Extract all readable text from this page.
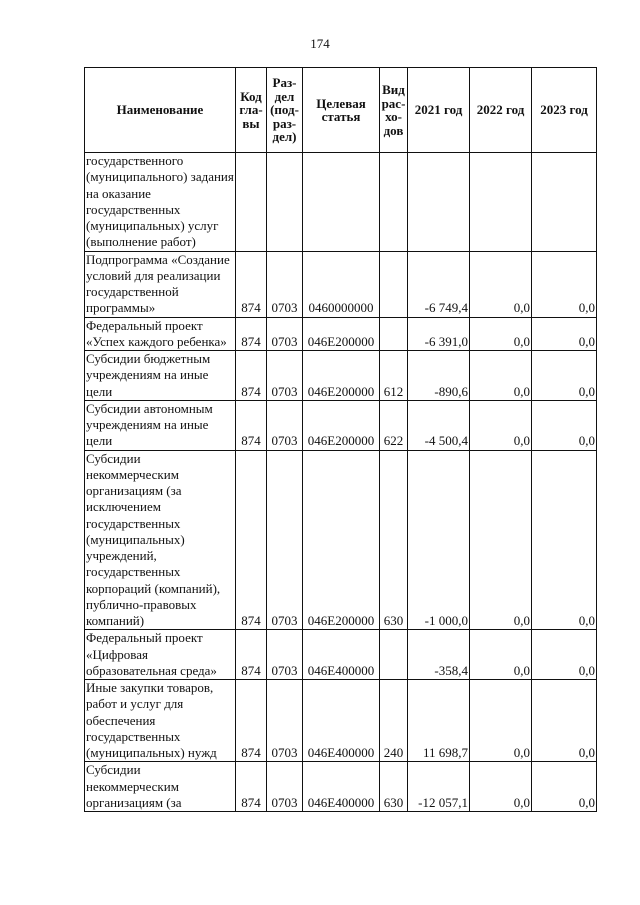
174
Наименование	Код гла-вы	Раз-дел (под-раз-дел)	Целевая статья	Вид рас-хо-дов	2021 год	2022 год	2023 год
государственного (муниципального) задания на оказание государственных (муниципальных) услуг (выполнение работ)							
Подпрограмма «Создание условий для реализации государственной программы»	874	0703	0460000000		-6 749,4	0,0	0,0
Федеральный проект «Успех каждого ребенка»	874	0703	046E200000		-6 391,0	0,0	0,0
Субсидии бюджетным учреждениям на иные цели	874	0703	046E200000	612	-890,6	0,0	0,0
Субсидии автономным учреждениям на иные цели	874	0703	046E200000	622	-4 500,4	0,0	0,0
Субсидии некоммерческим организациям (за исключением государственных (муниципальных) учреждений, государственных корпораций (компаний), публично-правовых компаний)	874	0703	046E200000	630	-1 000,0	0,0	0,0
Федеральный проект «Цифровая образовательная среда»	874	0703	046E400000		-358,4	0,0	0,0
Иные закупки товаров, работ и услуг для обеспечения государственных (муниципальных) нужд	874	0703	046E400000	240	11 698,7	0,0	0,0
Субсидии некоммерческим организациям (за	874	0703	046E400000	630	-12 057,1	0,0	0,0
